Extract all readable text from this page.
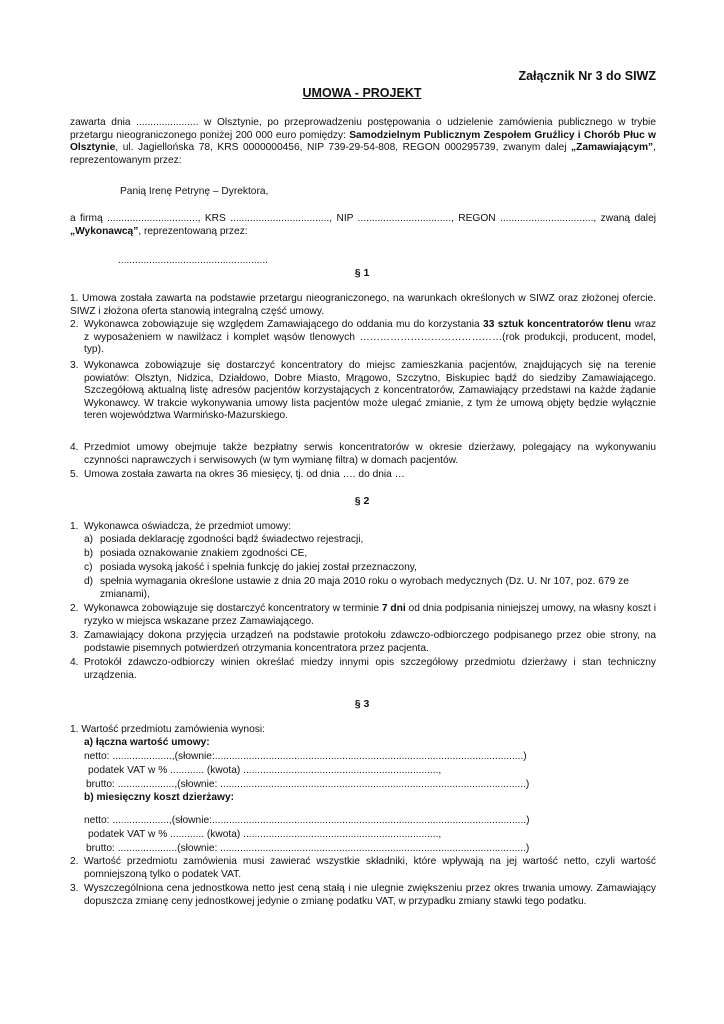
Załącznik Nr 3 do SIWZ
UMOWA - PROJEKT
zawarta dnia ...................... w Olsztynie, po przeprowadzeniu postępowania o udzielenie zamówienia publicznego w trybie przetargu nieograniczonego poniżej 200 000 euro pomiędzy: Samodzielnym Publicznym Zespołem Gruźlicy i Chorób Płuc w Olsztynie, ul. Jagiellońska 78, KRS 0000000456, NIP 739-29-54-808, REGON 000295739, zwanym dalej „Zamawiającym”, reprezentowanym przez:
Panią Irenę Petrynę – Dyrektora,
a firmą ................................, KRS ..................................., NIP ................................., REGON ................................., zwaną dalej „Wykonawcą”, reprezentowaną przez:
.....................................................
§ 1
1. Umowa została zawarta na podstawie przetargu nieograniczonego, na warunkach określonych w SIWZ oraz złożonej ofercie. SIWZ i złożona oferta stanowią integralną część umowy.
2. Wykonawca zobowiązuje się względem Zamawiającego do oddania mu do korzystania 33 sztuk koncentratorów tlenu wraz z wyposażeniem w nawilżacz i komplet wąsów tlenowych ……………………………………(rok produkcji, producent, model, typ).
3. Wykonawca zobowiązuje się dostarczyć koncentratory do miejsc zamieszkania pacjentów, znajdujących się na terenie powiatów: Olsztyn, Nidzica, Działdowo, Dobre Miasto, Mrągowo, Szczytno, Biskupiec bądź do siedziby Zamawiającego. Szczegółową aktualną listę adresów pacjentów korzystających z koncentratorów, Zamawiający przedstawi na każde żądanie Wykonawcy. W trakcie wykonywania umowy lista pacjentów może ulegać zmianie, z tym że umową objęty będzie wyłącznie teren województwa Warmińsko-Mazurskiego.
4. Przedmiot umowy obejmuje także bezpłatny serwis koncentratorów w okresie dzierżawy, polegający na wykonywaniu czynności naprawczych i serwisowych (w tym wymianę filtra) w domach pacjentów.
5. Umowa została zawarta na okres 36 miesięcy, tj. od dnia …. do dnia …
§ 2
1. Wykonawca oświadcza, że przedmiot umowy:
a) posiada deklarację zgodności bądź świadectwo rejestracji,
b) posiada oznakowanie znakiem zgodności CE,
c) posiada wysoką jakość i spełnia funkcję do jakiej został przeznaczony,
d) spełnia wymagania określone ustawie z dnia 20 maja 2010 roku o wyrobach medycznych (Dz. U. Nr 107, poz. 679 ze zmianami),
2. Wykonawca zobowiązuje się dostarczyć koncentratory w terminie 7 dni od dnia podpisania niniejszej umowy, na własny koszt i ryzyko w miejsca wskazane przez Zamawiającego.
3. Zamawiający dokona przyjęcia urządzeń na podstawie protokołu zdawczo-odbiorczego podpisanego przez obie strony, na podstawie pisemnych potwierdzeń otrzymania koncentratora przez pacjenta.
4. Protokół zdawczo-odbiorczy winien określać miedzy innymi opis szczegółowy przedmiotu dzierżawy i stan techniczny urządzenia.
§ 3
1. Wartość przedmiotu zamówienia wynosi:
a) łączna wartość umowy:
netto: .....................,(słownie:.............................................................................................................)
podatek VAT w % ............ (kwota) .....................................................................,
brutto: ....................,(słownie: ............................................................................................................)
b) miesięczny koszt dzierżawy:
netto: ....................,(słownie:...............................................................................................................)
podatek VAT w % ............ (kwota) .....................................................................,
brutto: .....................(słownie: ............................................................................................................)
2. Wartość przedmiotu zamówienia musi zawierać wszystkie składniki, które wpływają na jej wartość netto, czyli wartość pomniejszoną tylko o podatek VAT.
3. Wyszczególniona cena jednostkowa netto jest ceną stałą i nie ulegnie zwiększeniu przez okres trwania umowy. Zamawiający dopuszcza zmianę ceny jednostkowej jedynie o zmianę podatku VAT, w przypadku zmiany stawki tego podatku.
